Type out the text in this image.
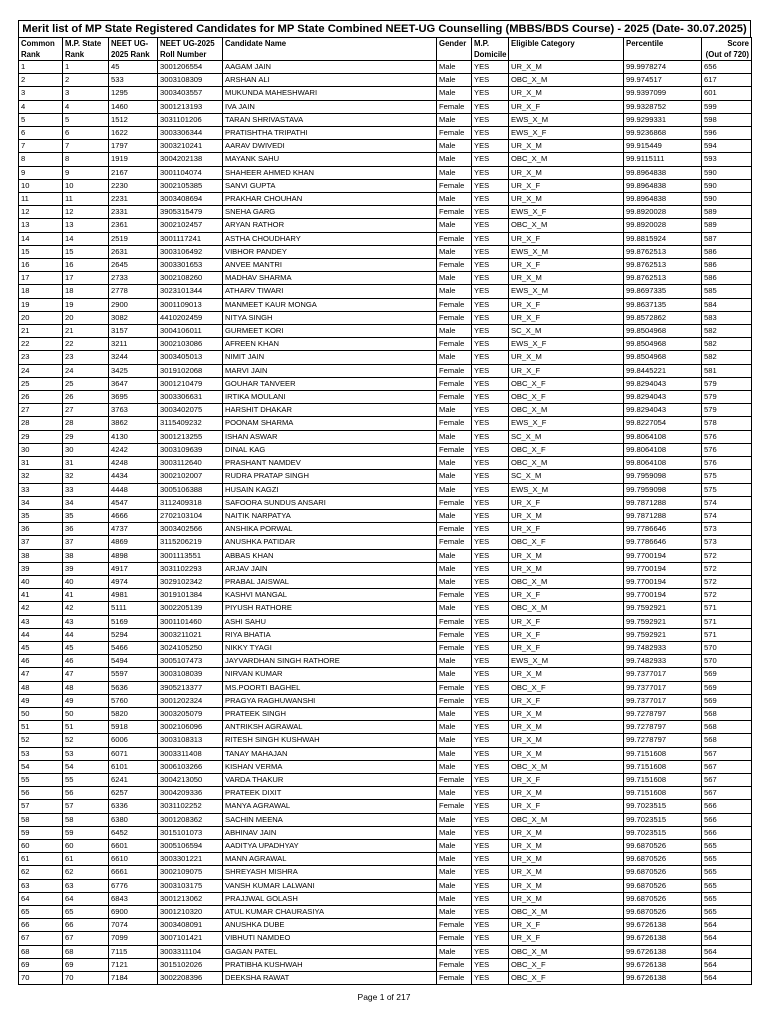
Merit list of MP State Registered Candidates for MP State Combined NEET-UG Counselling (MBBS/BDS Course) - 2025 (Date- 30.07.2025)
Common	M.P. State	NEET UG-	NEET UG-2025	Candidate Name	Gender	M.P.	Eligible Category	Percentile	Score
Rank	Rank	2025 Rank	Roll Number			Domicile			(Out of 720)
1	1	45	3001206554	AAGAM JAIN	Male	YES	UR_X_M	99.9978274	656
2	2	533	3003108309	ARSHAN ALI	Male	YES	OBC_X_M	99.974517	617
3	3	1295	3003403557	MUKUNDA MAHESHWARI	Male	YES	UR_X_M	99.9397099	601
4	4	1460	3001213193	IVA JAIN	Female	YES	UR_X_F	99.9328752	599
5	5	1512	3031101206	TARAN SHRIVASTAVA	Male	YES	EWS_X_M	99.9299331	598
6	6	1622	3003306344	PRATISHTHA TRIPATHI	Female	YES	EWS_X_F	99.9236868	596
7	7	1797	3003210241	AARAV DWIVEDI	Male	YES	UR_X_M	99.915449	594
8	8	1919	3004202138	MAYANK SAHU	Male	YES	OBC_X_M	99.9115111	593
9	9	2167	3001104074	SHAHEER AHMED KHAN	Male	YES	UR_X_M	99.8964838	590
10	10	2230	3002105385	SANVI GUPTA	Female	YES	UR_X_F	99.8964838	590
11	11	2231	3003408694	PRAKHAR CHOUHAN	Male	YES	UR_X_M	99.8964838	590
12	12	2331	3905315479	SNEHA GARG	Female	YES	EWS_X_F	99.8920028	589
13	13	2361	3002102457	ARYAN RATHOR	Male	YES	OBC_X_M	99.8920028	589
14	14	2519	3001117241	ASTHA CHOUDHARY	Female	YES	UR_X_F	99.8815924	587
15	15	2631	3003106492	VIBHOR PANDEY	Male	YES	EWS_X_M	99.8762513	586
16	16	2645	3003301653	ANVEE MANTRI	Female	YES	UR_X_F	99.8762513	586
17	17	2733	3002108260	MADHAV SHARMA	Male	YES	UR_X_M	99.8762513	586
18	18	2778	3023101344	ATHARV TIWARI	Male	YES	EWS_X_M	99.8697335	585
19	19	2900	3001109013	MANMEET KAUR MONGA	Female	YES	UR_X_F	99.8637135	584
20	20	3082	4410202459	NITYA SINGH	Female	YES	UR_X_F	99.8572862	583
21	21	3157	3004106011	GURMEET KORI	Male	YES	SC_X_M	99.8504968	582
22	22	3211	3002103086	AFREEN KHAN	Female	YES	EWS_X_F	99.8504968	582
23	23	3244	3003405013	NIMIT JAIN	Male	YES	UR_X_M	99.8504968	582
24	24	3425	3019102068	MARVI JAIN	Female	YES	UR_X_F	99.8445221	581
25	25	3647	3001210479	GOUHAR TANVEER	Female	YES	OBC_X_F	99.8294043	579
26	26	3695	3003306631	IRTIKA MOULANI	Female	YES	OBC_X_F	99.8294043	579
27	27	3763	3003402075	HARSHIT DHAKAR	Male	YES	OBC_X_M	99.8294043	579
28	28	3862	3115409232	POONAM SHARMA	Female	YES	EWS_X_F	99.8227054	578
29	29	4130	3001213255	ISHAN ASWAR	Male	YES	SC_X_M	99.8064108	576
30	30	4242	3003109639	DINAL KAG	Female	YES	OBC_X_F	99.8064108	576
31	31	4248	3003112640	PRASHANT NAMDEV	Male	YES	OBC_X_M	99.8064108	576
32	32	4434	3002102007	RUDRA PRATAP SINGH	Male	YES	SC_X_M	99.7959098	575
33	33	4448	3005106388	HUSAIN KAGZI	Male	YES	EWS_X_M	99.7959098	575
34	34	4547	3112409318	SAFOORA SUNDUS ANSARI	Female	YES	UR_X_F	99.7871288	574
35	35	4666	2702103104	NAITIK NARPATYA	Male	YES	UR_X_M	99.7871288	574
36	36	4737	3003402566	ANSHIKA PORWAL	Female	YES	UR_X_F	99.7786646	573
37	37	4869	3115206219	ANUSHKA PATIDAR	Female	YES	OBC_X_F	99.7786646	573
38	38	4898	3001113551	ABBAS KHAN	Male	YES	UR_X_M	99.7700194	572
39	39	4917	3031102293	ARJAV JAIN	Male	YES	UR_X_M	99.7700194	572
40	40	4974	3029102342	PRABAL JAISWAL	Male	YES	OBC_X_M	99.7700194	572
41	41	4981	3019101384	KASHVI MANGAL	Female	YES	UR_X_F	99.7700194	572
42	42	5111	3002205139	PIYUSH RATHORE	Male	YES	OBC_X_M	99.7592921	571
43	43	5169	3001101460	ASHI SAHU	Female	YES	UR_X_F	99.7592921	571
44	44	5294	3003211021	RIYA BHATIA	Female	YES	UR_X_F	99.7592921	571
45	45	5466	3024105250	NIKKY TYAGI	Female	YES	UR_X_F	99.7482933	570
46	46	5494	3005107473	JAYVARDHAN SINGH RATHORE	Male	YES	EWS_X_M	99.7482933	570
47	47	5597	3003108039	NIRVAN KUMAR	Male	YES	UR_X_M	99.7377017	569
48	48	5636	3905213377	MS.POORTI BAGHEL	Female	YES	OBC_X_F	99.7377017	569
49	49	5760	3001202324	PRAGYA RAGHUWANSHI	Female	YES	UR_X_F	99.7377017	569
50	50	5820	3003205079	PRATEEK SINGH	Male	YES	UR_X_M	99.7278797	568
51	51	5918	3002106096	ANTRIKSH AGRAWAL	Male	YES	UR_X_M	99.7278797	568
52	52	6006	3003108313	RITESH SINGH KUSHWAH	Male	YES	UR_X_M	99.7278797	568
53	53	6071	3003311408	TANAY MAHAJAN	Male	YES	UR_X_M	99.7151608	567
54	54	6101	3006103266	KISHAN VERMA	Male	YES	OBC_X_M	99.7151608	567
55	55	6241	3004213050	VARDA THAKUR	Female	YES	UR_X_F	99.7151608	567
56	56	6257	3004209336	PRATEEK DIXIT	Male	YES	UR_X_M	99.7151608	567
57	57	6336	3031102252	MANYA AGRAWAL	Female	YES	UR_X_F	99.7023515	566
58	58	6380	3001208362	SACHIN MEENA	Male	YES	OBC_X_M	99.7023515	566
59	59	6452	3015101073	ABHINAV JAIN	Male	YES	UR_X_M	99.7023515	566
60	60	6601	3005106594	AADITYA UPADHYAY	Male	YES	UR_X_M	99.6870526	565
61	61	6610	3003301221	MANN AGRAWAL	Male	YES	UR_X_M	99.6870526	565
62	62	6661	3002109075	SHREYASH MISHRA	Male	YES	UR_X_M	99.6870526	565
63	63	6776	3003103175	VANSH KUMAR LALWANI	Male	YES	UR_X_M	99.6870526	565
64	64	6843	3001213062	PRAJJWAL GOLASH	Male	YES	UR_X_M	99.6870526	565
65	65	6900	3001210320	ATUL KUMAR CHAURASIYA	Male	YES	OBC_X_M	99.6870526	565
66	66	7074	3003408091	ANUSHKA DUBE	Female	YES	UR_X_F	99.6726138	564
67	67	7099	3007101421	VIBHUTI NAMDEO	Female	YES	UR_X_F	99.6726138	564
68	68	7115	3003311104	GAGAN PATEL	Male	YES	OBC_X_M	99.6726138	564
69	69	7121	3015102026	PRATIBHA KUSHWAH	Female	YES	OBC_X_F	99.6726138	564
70	70	7184	3002208396	DEEKSHA RAWAT	Female	YES	OBC_X_F	99.6726138	564
Page 1 of 217
